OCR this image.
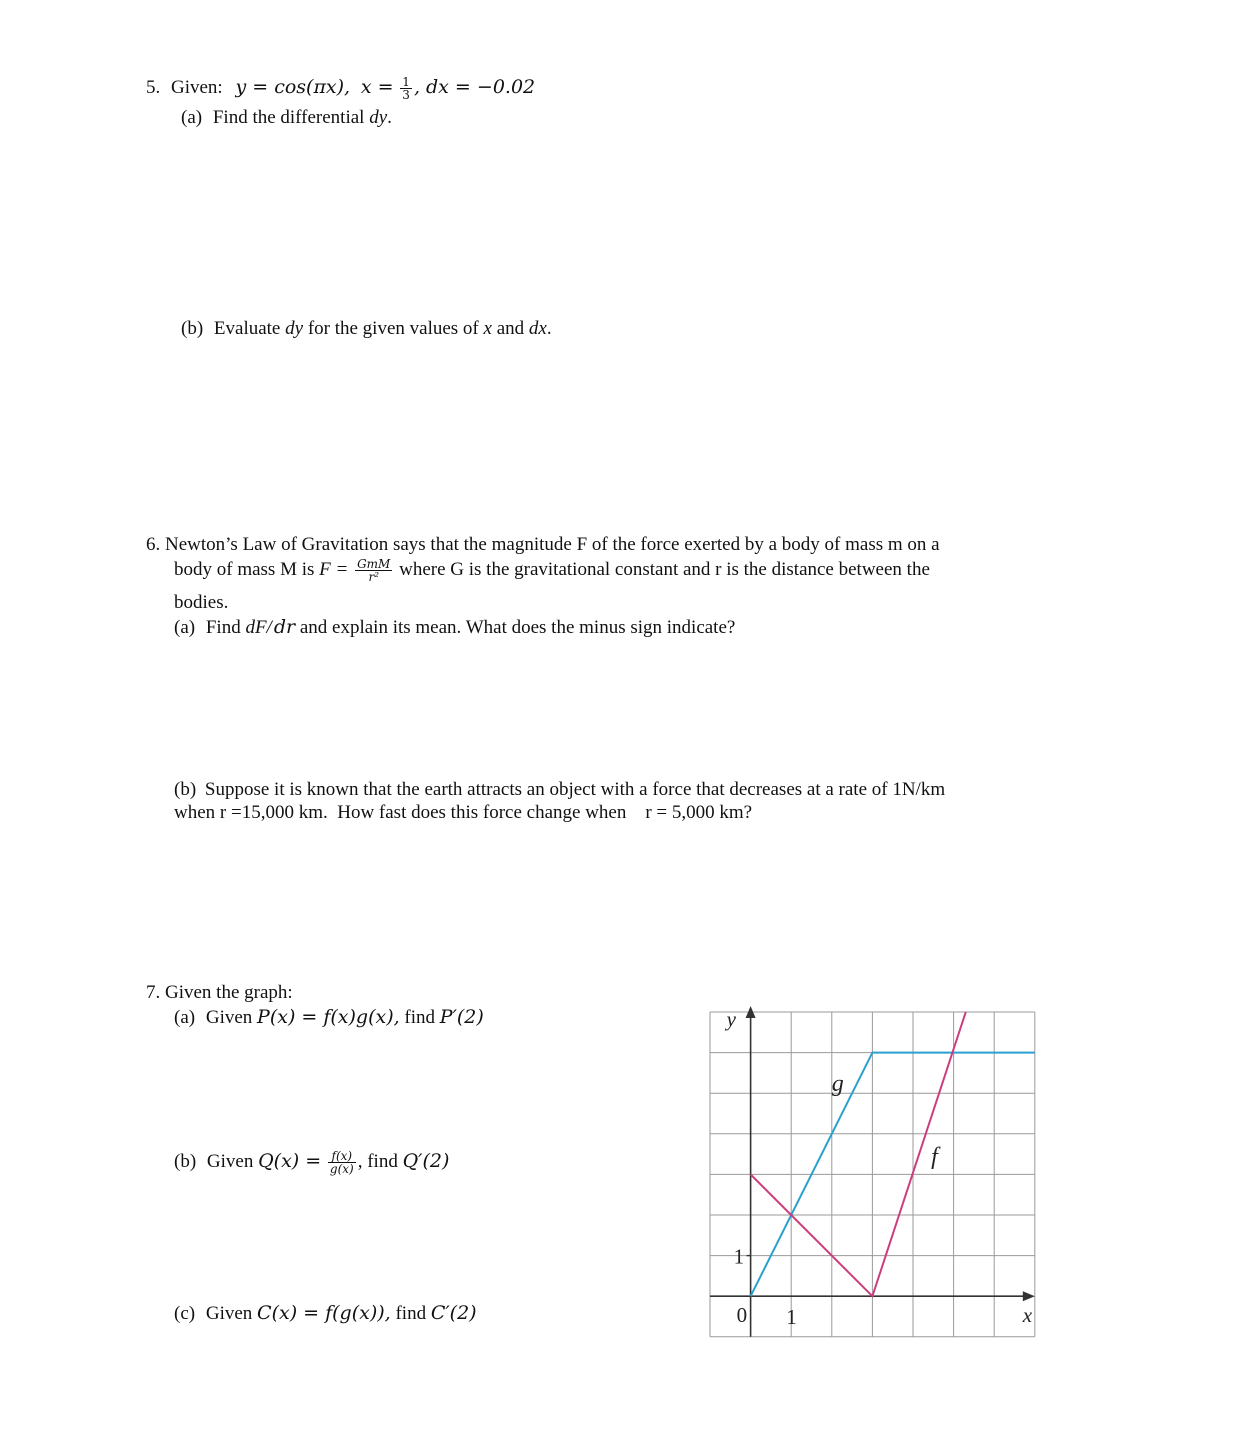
5. Given: y = cos(πx), $x = \frac{1}{3}$ , dx = −0.02
(a) Find the differential dy.
(b) Evaluate dy for the given values of x and dx.
6. Newton’s Law of Gravitation says that the magnitude F of the force exerted by a body of mass m on a
body of mass M is $F = \frac{\text{GmM}}{\text{r²}}$ where G is the gravitational constant and r is the distance between the
bodies.
(a) Find dF/ dr and explain its mean. What does the minus sign indicate?
(b) Suppose it is known that the earth attracts an object with a force that decreases at a rate of 1N/km
when r =15,000 km.  How fast does this force change when    r = 5,000 km?
7. Given the graph:
(a) Given P(x) = f(x)g(x), find P′(2)
(b) Given $Q(x) = \frac{f(x)}{g(x)}$ , find Q′(2)
(c) Given C(x) = f(g(x)), find C′(2)	0 1
1
y
x
g
f
